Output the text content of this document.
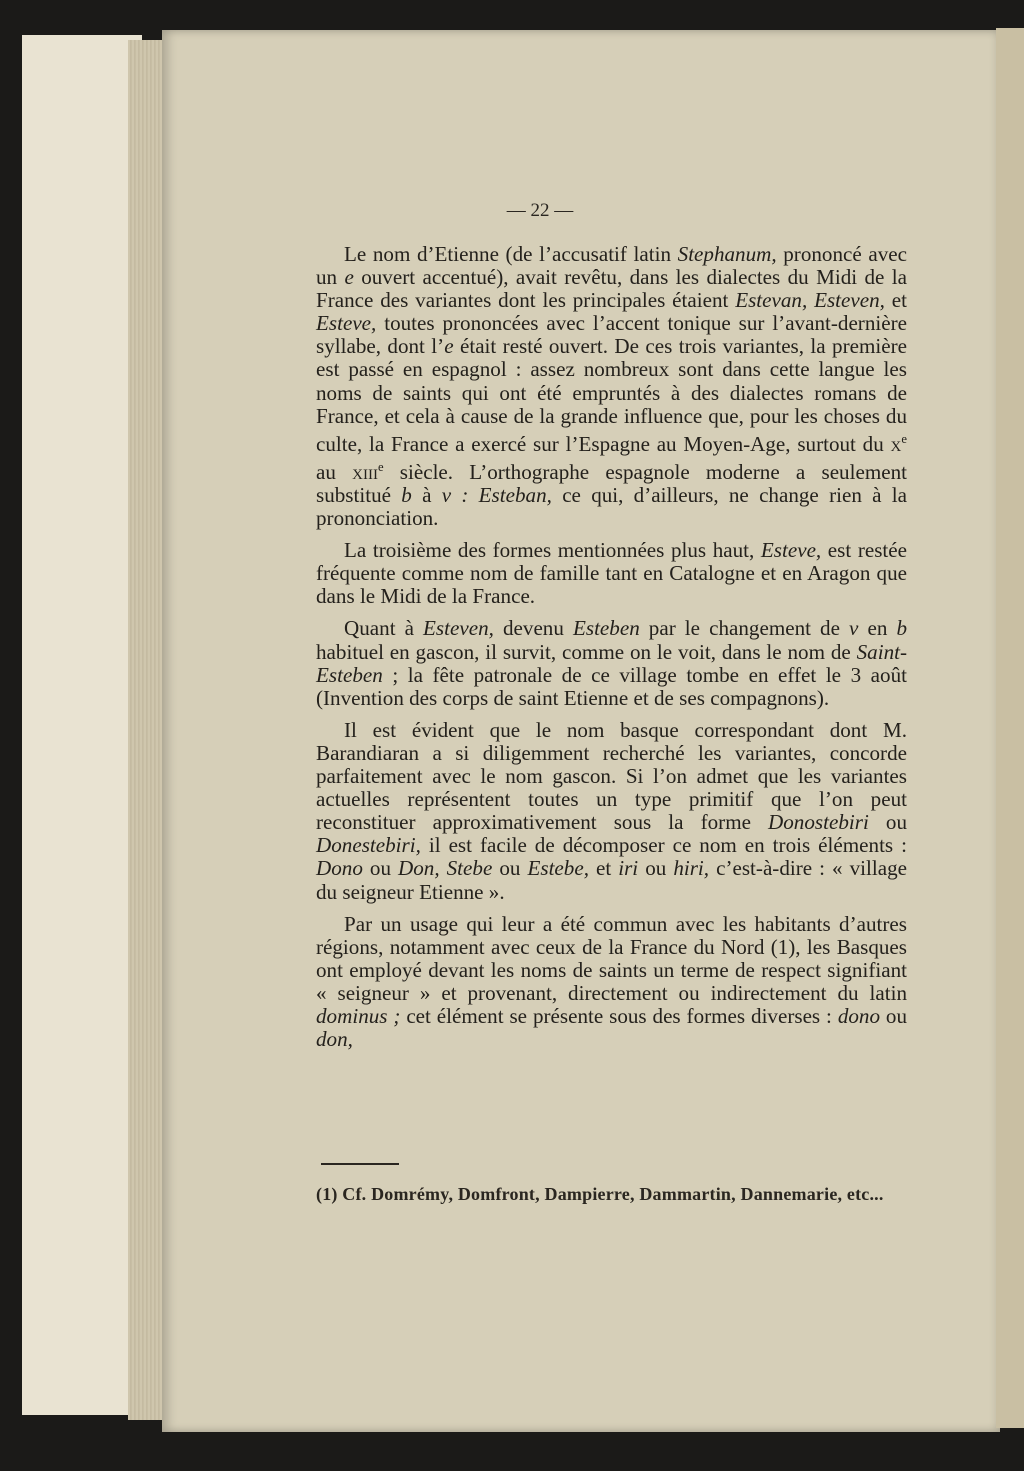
— 22 —

Le nom d’Etienne (de l’accusatif latin Stephanum, prononcé avec un e ouvert accentué), avait revêtu, dans les dialectes du Midi de la France des variantes dont les principales étaient Estevan, Esteven, et Esteve, toutes prononcées avec l’accent tonique sur l’avant-dernière syllabe, dont l’e était resté ouvert. De ces trois variantes, la première est passé en espagnol : assez nombreux sont dans cette langue les noms de saints qui ont été empruntés à des dialectes romans de France, et cela à cause de la grande influence que, pour les choses du culte, la France a exercé sur l’Espagne au Moyen-Age, surtout du $x^e$ au xiii$^e$ siècle. L’orthographe espagnole moderne a seulement substitué b à v : Esteban, ce qui, d’ailleurs, ne change rien à la prononciation.

La troisième des formes mentionnées plus haut, Esteve, est restée fréquente comme nom de famille tant en Catalogne et en Aragon que dans le Midi de la France.

Quant à Esteven, devenu Esteben par le changement de v en b habituel en gascon, il survit, comme on le voit, dans le nom de Saint-Esteben ; la fête patronale de ce village tombe en effet le 3 août (Invention des corps de saint Etienne et de ses compagnons).

Il est évident que le nom basque correspondant dont M. Barandiaran a si diligemment recherché les variantes, concorde parfaitement avec le nom gascon. Si l’on admet que les variantes actuelles représentent toutes un type primitif que l’on peut reconstituer approximativement sous la forme Donostebiri ou Donestebiri, il est facile de décomposer ce nom en trois éléments : Dono ou Don, Stebe ou Estebe, et iri ou hiri, c’est-à-dire : « village du seigneur Etienne ».

Par un usage qui leur a été commun avec les habitants d’autres régions, notamment avec ceux de la France du Nord (1), les Basques ont employé devant les noms de saints un terme de respect signifiant « seigneur » et provenant, directement ou indirectement du latin dominus ; cet élément se présente sous des formes diverses : dono ou don,

(1) Cf. Domrémy, Domfront, Dampierre, Dammartin, Dannemarie, etc...
